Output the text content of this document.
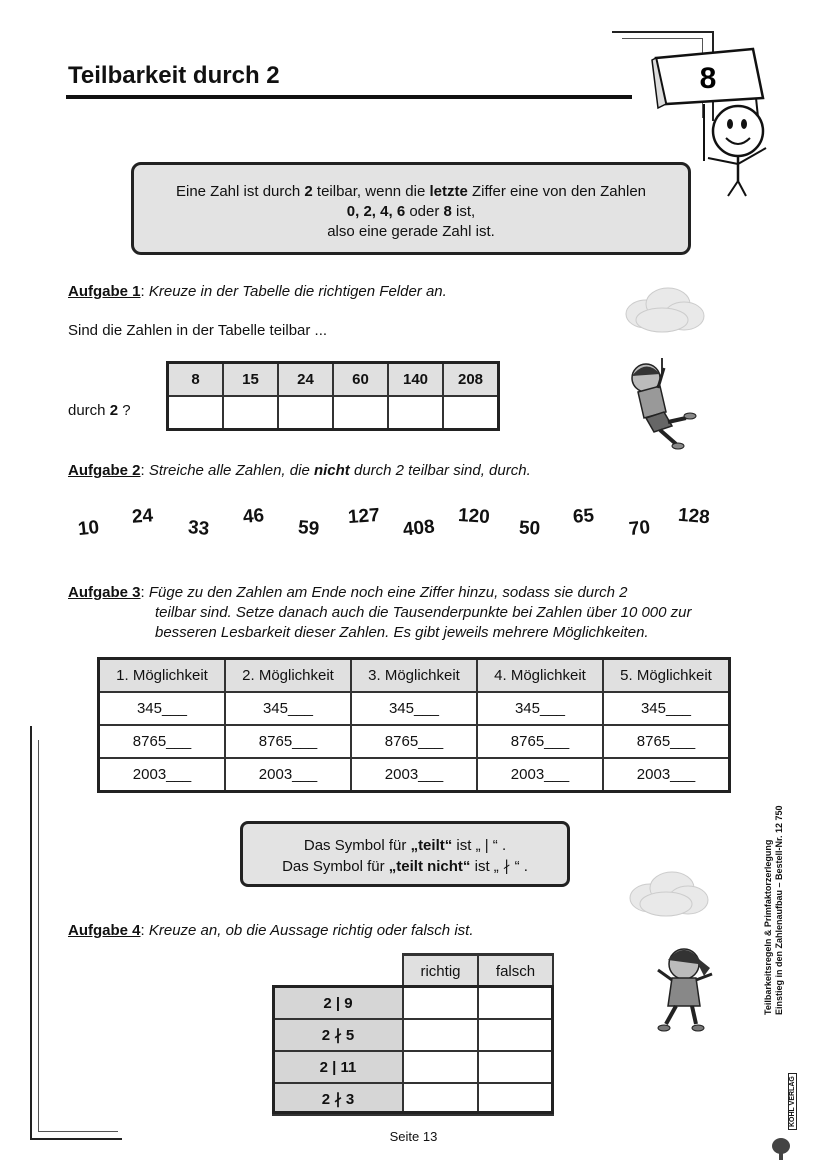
Teilbarkeit durch 2	8
Eine Zahl ist durch 2 teilbar, wenn die letzte Ziffer eine von den Zahlen
0, 2, 4, 6 oder 8 ist,
also eine gerade Zahl ist.
Aufgabe 1: Kreuze in der Tabelle die richtigen Felder an.
Sind die Zahlen in der Tabelle teilbar ...
8	15	24	60	140	208

durch 2 ?
Aufgabe 2: Streiche alle Zahlen, die nicht durch 2 teilbar sind, durch.
10
24
33
46
59
127 408 120
50
65
70
128
Aufgabe 3: Füge zu den Zahlen am Ende noch eine Ziffer hinzu, sodass sie durch 2
teilbar sind. Setze danach auch die Tausenderpunkte bei Zahlen über 10 000 zur
besseren Lesbarkeit dieser Zahlen. Es gibt jeweils mehrere Möglichkeiten.
1. Möglichkeit	2. Möglichkeit	3. Möglichkeit	4. Möglichkeit	5. Möglichkeit
345___	345___	345___	345___	345___
8765___	8765___	8765___	8765___	8765___
2003___	2003___	2003___	2003___	2003___
Das Symbol für „teilt“ ist „ | “ .
Das Symbol für „teilt nicht“ ist „ ∤ “ .
Aufgabe 4: Kreuze an, ob die Aussage richtig oder falsch ist.
	richtig	falsch
2 | 9		
2 ∤ 5		
2 | 11		
2 ∤ 3		
Teilbarkeitsregeln & Primfaktorzerlegung Einstieg in den Zahlenaufbau – Bestell-Nr. 12 750
KOHL VERLAG
Seite 13
